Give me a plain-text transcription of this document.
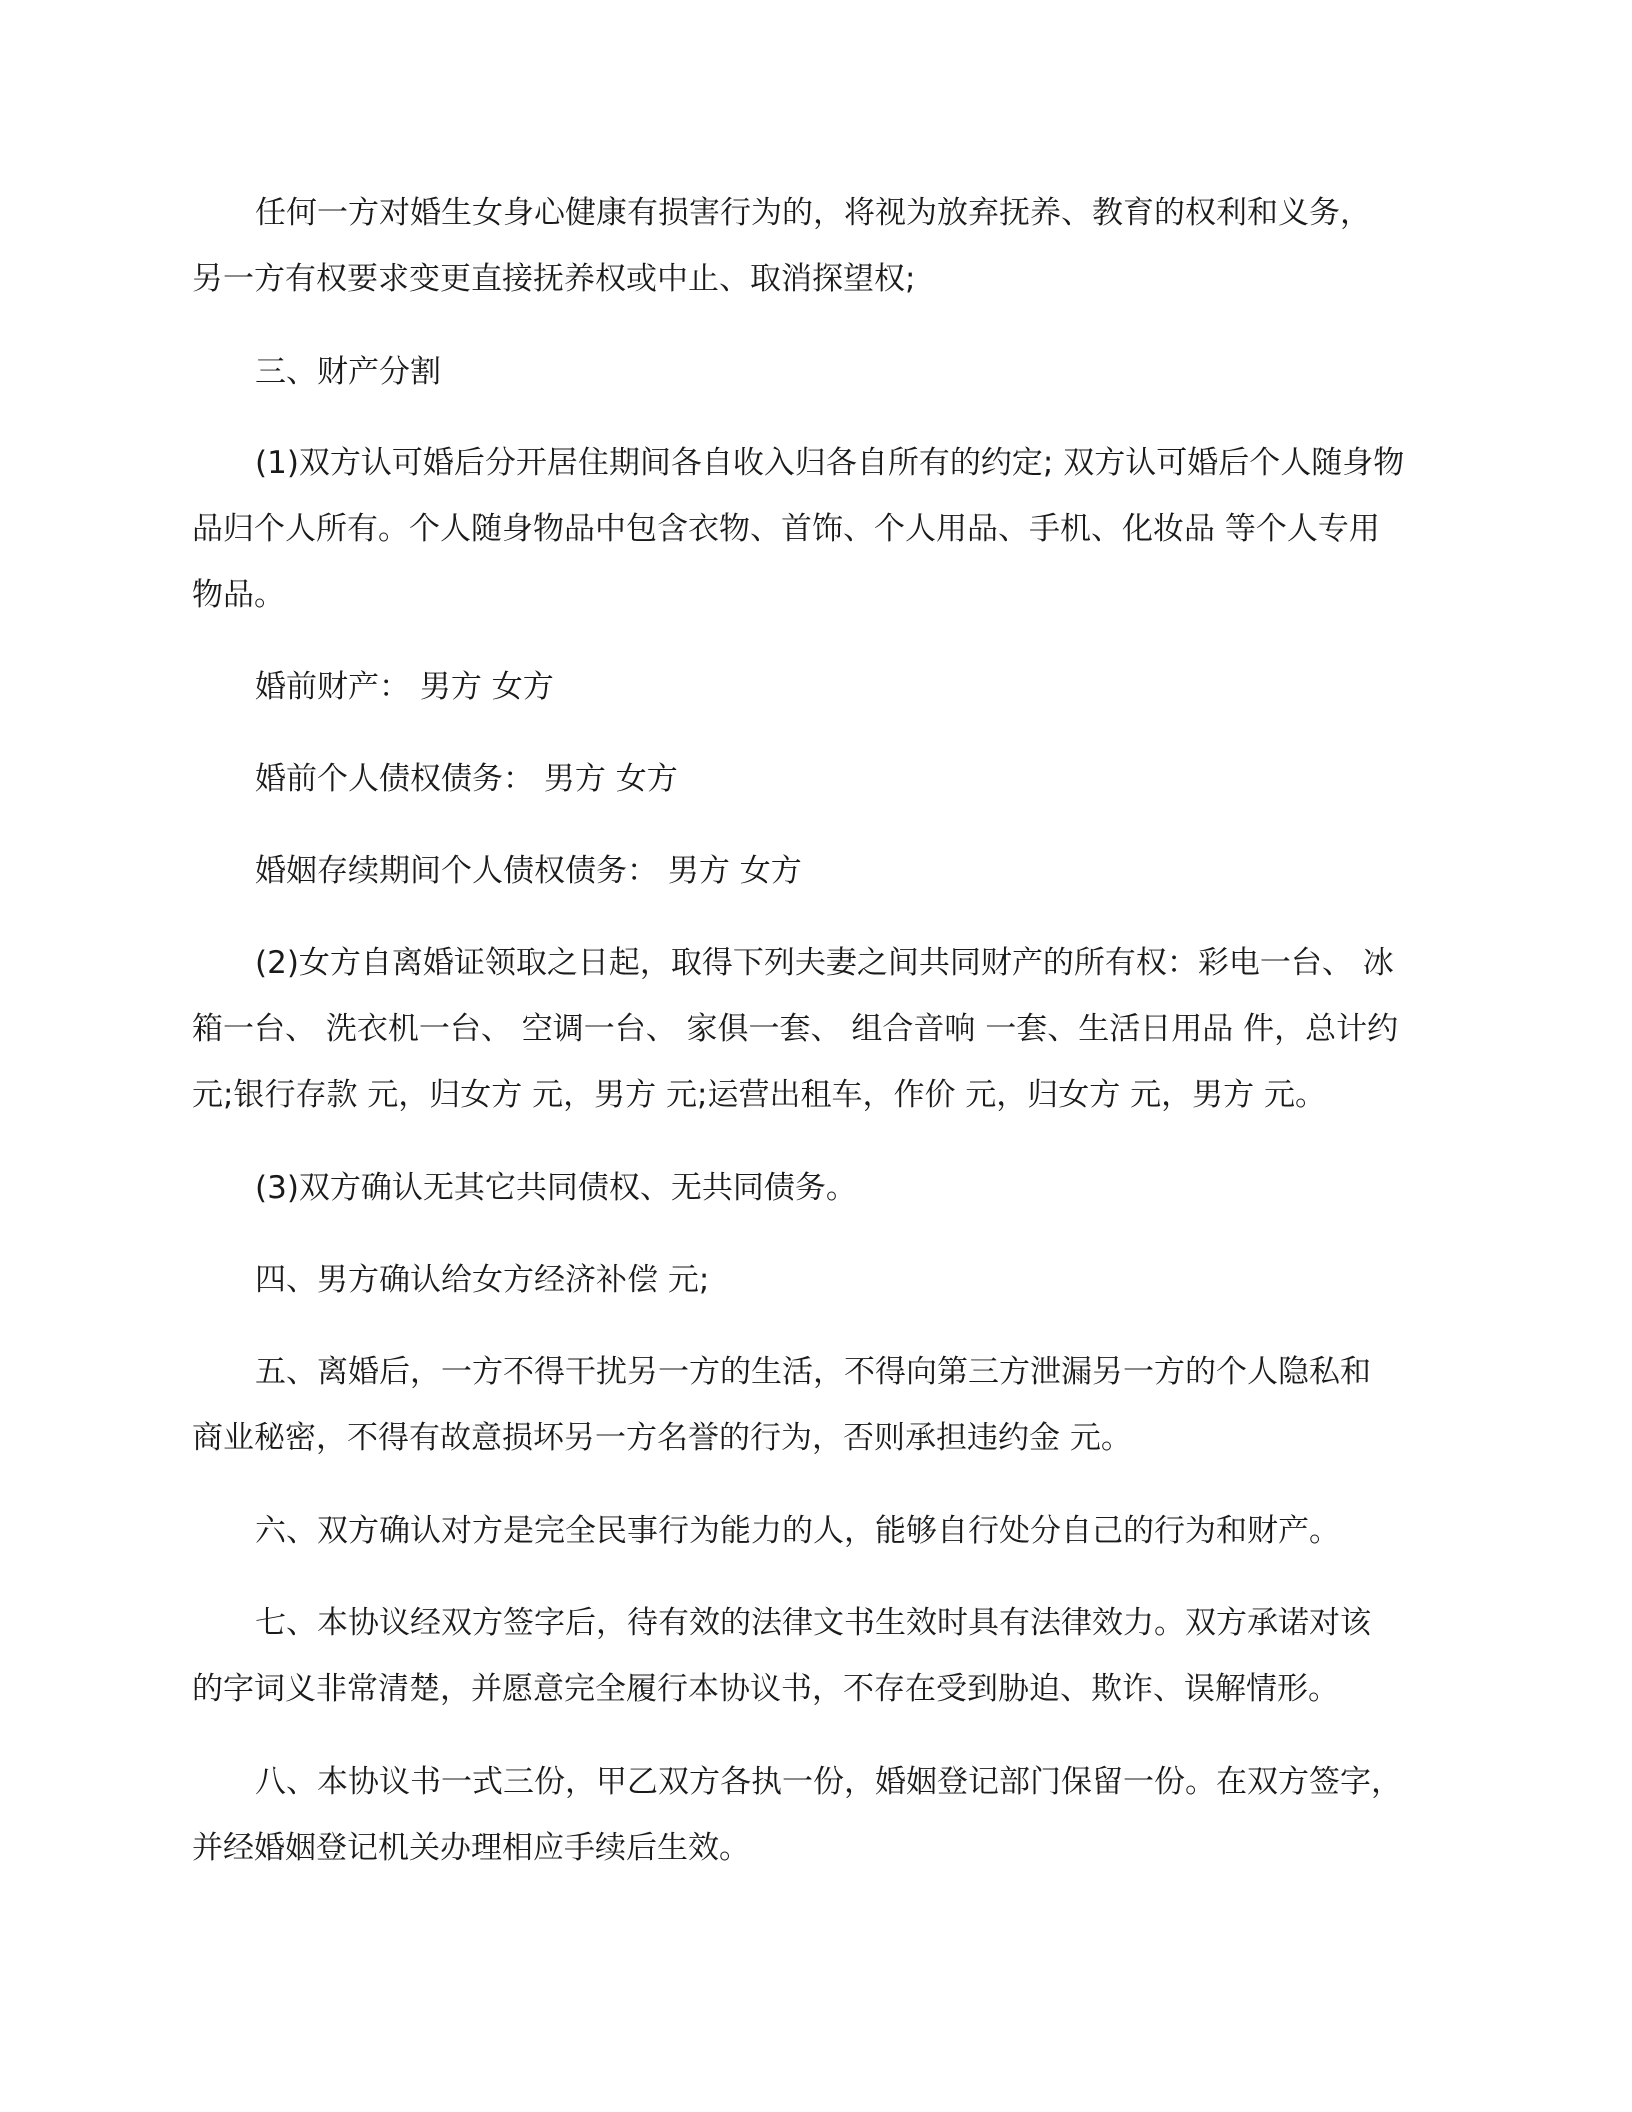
任何一方对婚生女身心健康有损害行为的，将视为放弃抚养、教育的权利和义务，
另一方有权要求变更直接抚养权或中止、取消探望权;
三、财产分割
(1)双方认可婚后分开居住期间各自收入归各自所有的约定; 双方认可婚后个人随身物
品归个人所有。个人随身物品中包含衣物、首饰、个人用品、手机、化妆品 等个人专用
物品。
婚前财产： 男方 女方
婚前个人债权债务： 男方 女方
婚姻存续期间个人债权债务： 男方 女方
(2)女方自离婚证领取之日起，取得下列夫妻之间共同财产的所有权：彩电一台、 冰
箱一台、 洗衣机一台、 空调一台、 家俱一套、 组合音响 一套、生活日用品 件，总计约
元;银行存款 元，归女方 元，男方 元;运营出租车，作价 元，归女方 元，男方 元。
(3)双方确认无其它共同债权、无共同债务。
四、男方确认给女方经济补偿 元;
五、离婚后，一方不得干扰另一方的生活，不得向第三方泄漏另一方的个人隐私和
商业秘密，不得有故意损坏另一方名誉的行为，否则承担违约金 元。
六、双方确认对方是完全民事行为能力的人，能够自行处分自己的行为和财产。
七、本协议经双方签字后，待有效的法律文书生效时具有法律效力。双方承诺对该
的字词义非常清楚，并愿意完全履行本协议书，不存在受到胁迫、欺诈、误解情形。
八、本协议书一式三份，甲乙双方各执一份，婚姻登记部门保留一份。在双方签字，
并经婚姻登记机关办理相应手续后生效。
